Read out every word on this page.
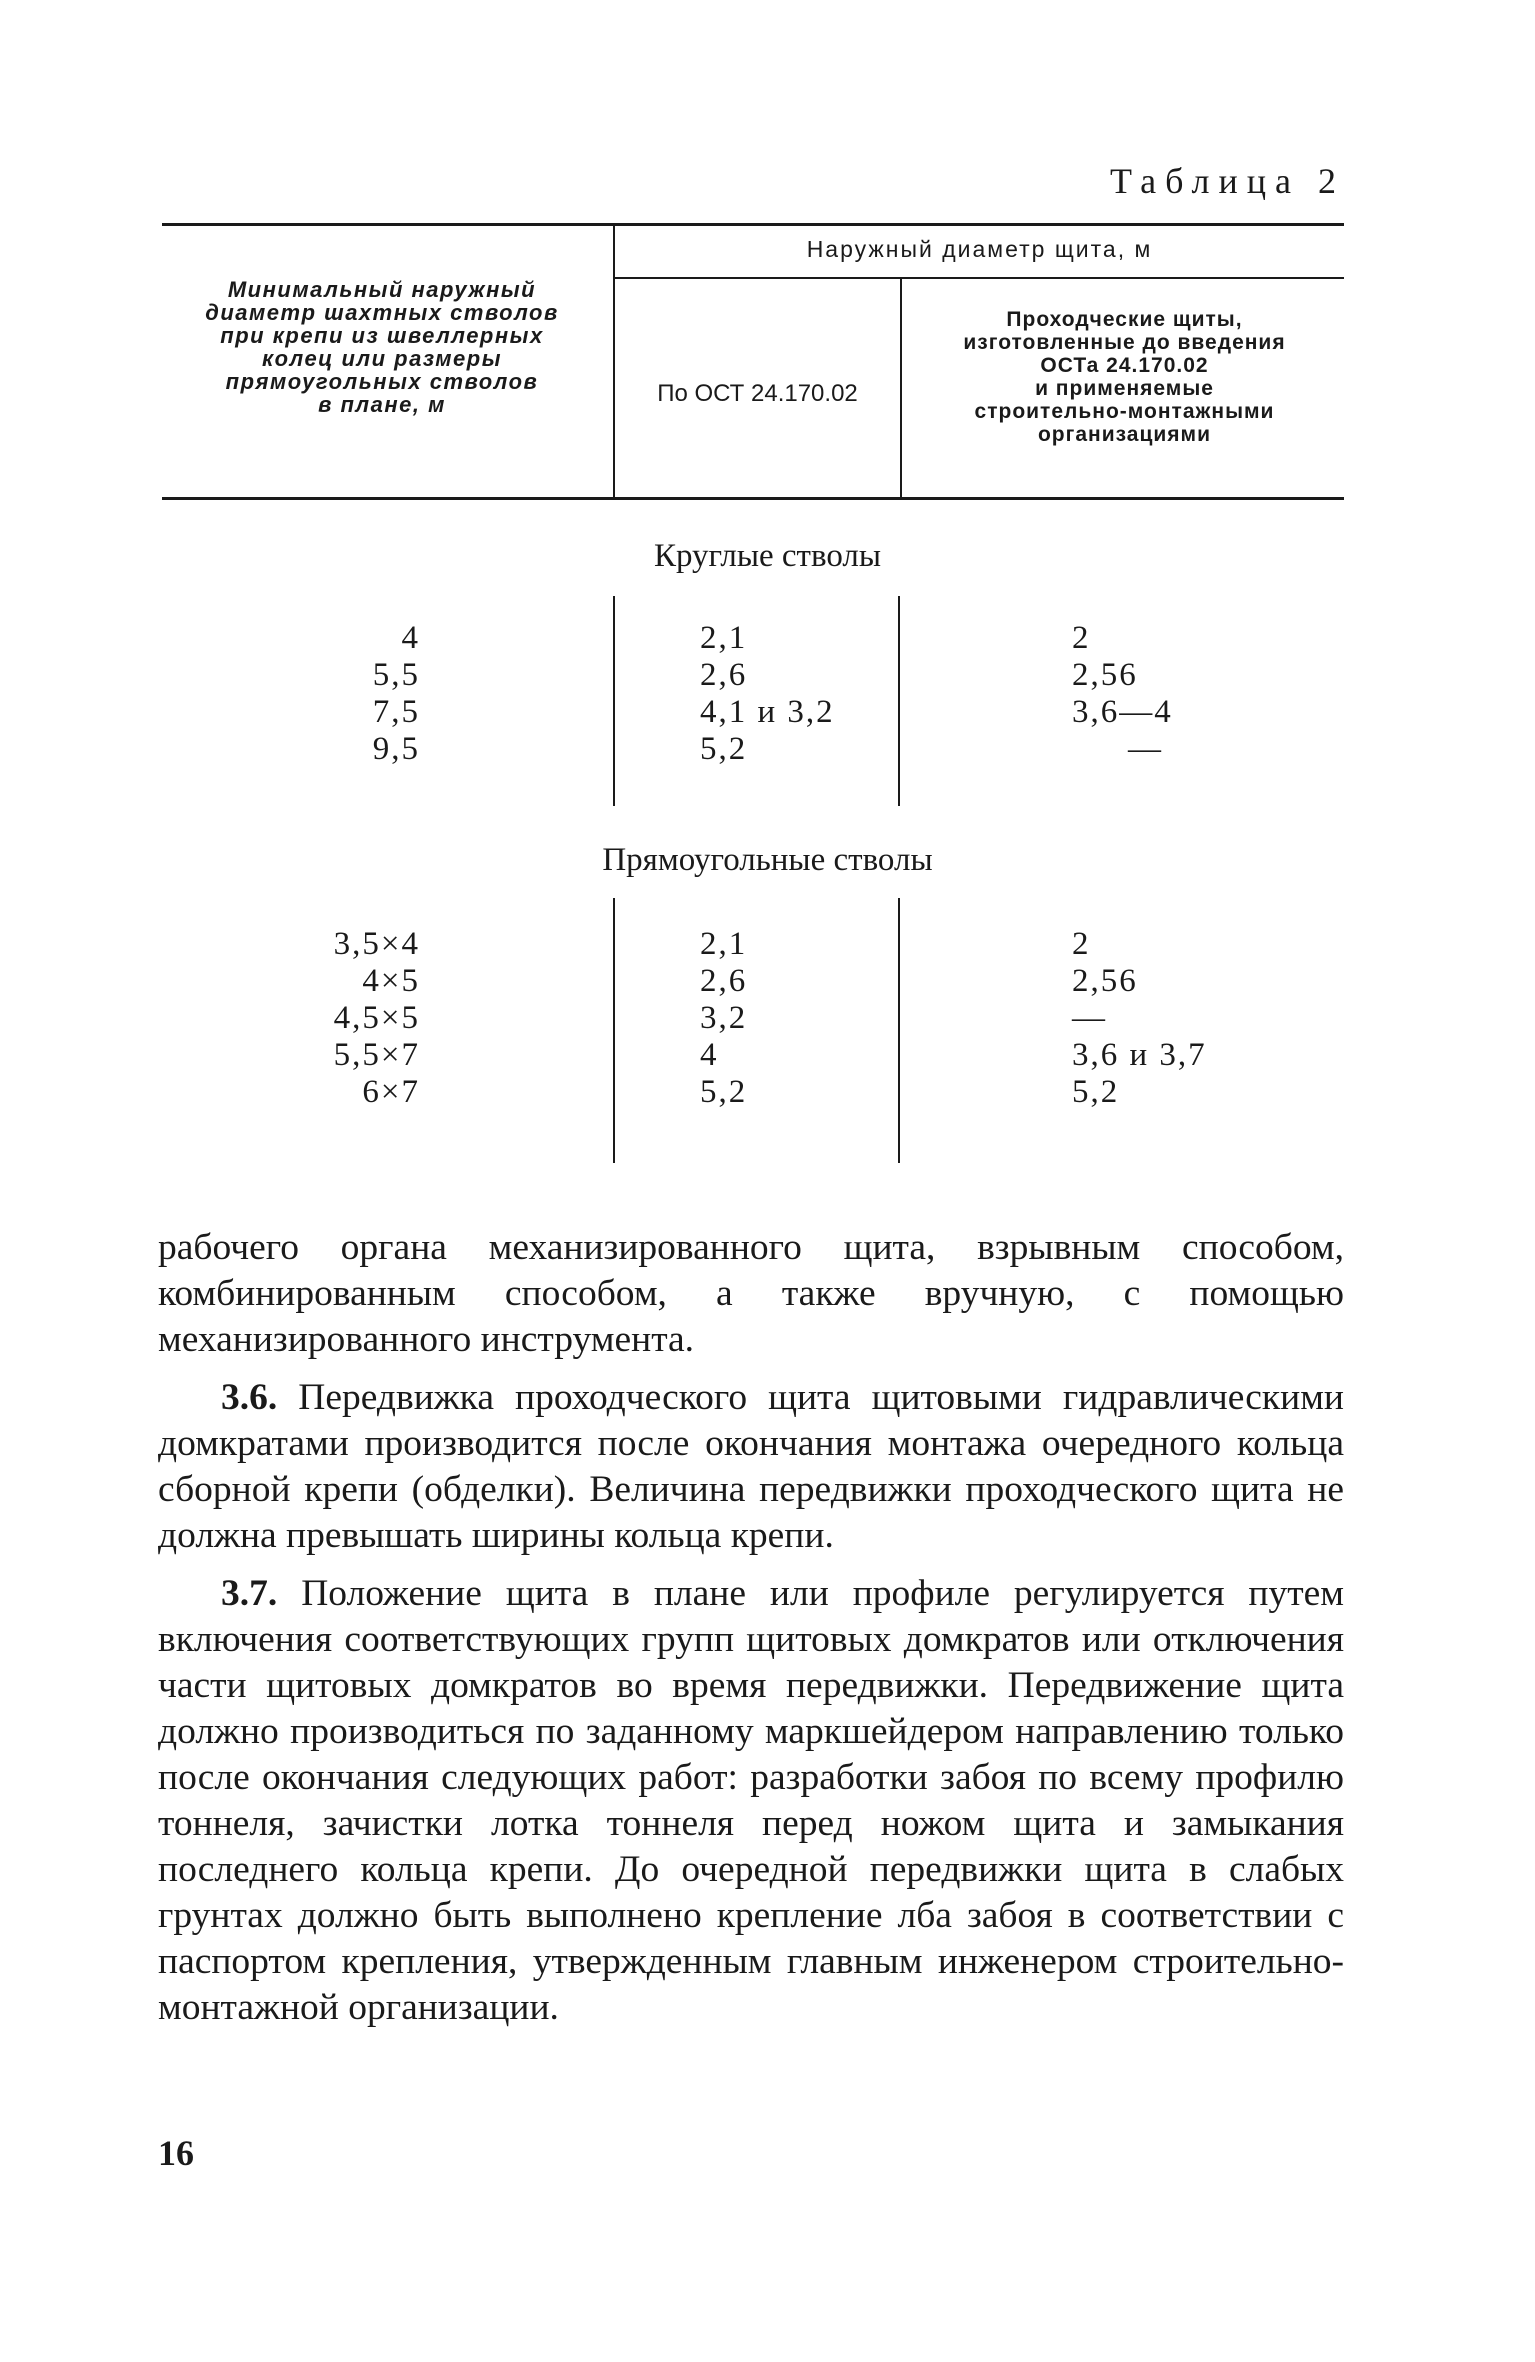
Таблица 2
Наружный диаметр щита, м
Минимальный наружный
диаметр шахтных стволов
при крепи из швеллерных
колец или размеры
прямоугольных стволов
в плане, м	По ОСТ 24.170.02
Проходческие щиты,
изготовленные до введения
ОСТа 24.170.02
и применяемые
строительно-монтажными
организациями
Круглые стволы
4
5,5
7,5
9,5
2,1
2,6
4,1 и 3,2
5,2
2
2,56
3,6—4
—
Прямоугольные стволы
3,5×4
4×5
4,5×5
5,5×7
6×7
2,1
2,6
3,2
4
5,2
2
2,56
—
3,6 и 3,7
5,2

рабочего органа механизированного щита, взрывным способом, комбинированным способом, а также вручную, с помощью механизированного инструмента.

3.6. Передвижка проходческого щита щитовыми гидравлическими домкратами производится после окончания монтажа очередного кольца сборной крепи (обделки). Величина передвижки проходческого щита не должна превышать ширины кольца крепи.

3.7. Положение щита в плане или профиле регулируется путем включения соответствующих групп щитовых домкратов или отключения части щитовых домкратов во время передвижки. Передвижение щита должно производиться по заданному маркшейдером направлению только после окончания следующих работ: разработки забоя по всему профилю тоннеля, зачистки лотка тоннеля перед ножом щита и замыкания последнего кольца крепи. До очередной передвижки щита в слабых грунтах должно быть выполнено крепление лба забоя в соответствии с паспортом крепления, утвержденным главным инженером строительно-монтажной организации.

16
